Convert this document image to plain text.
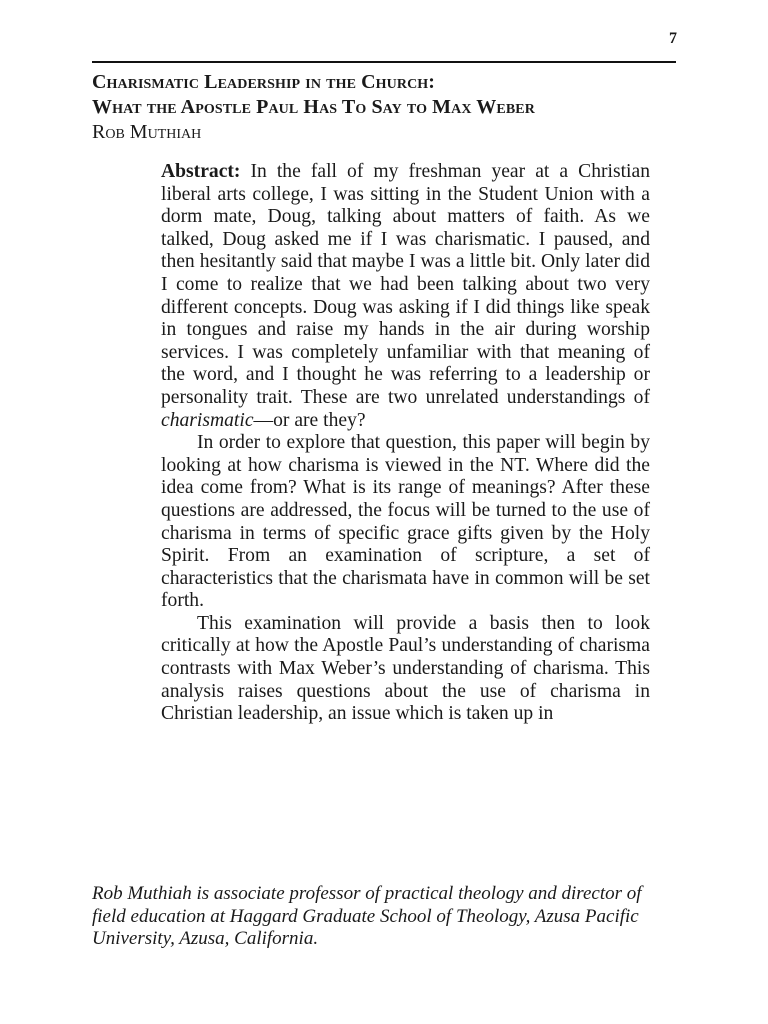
7
Charismatic Leadership in the Church:
What the Apostle Paul Has To Say to Max Weber
Rob Muthiah

Abstract: In the fall of my freshman year at a Christian liberal arts college, I was sitting in the Student Union with a dorm mate, Doug, talking about matters of faith. As we talked, Doug asked me if I was charismatic. I paused, and then hesitantly said that maybe I was a little bit. Only later did I come to realize that we had been talking about two very different concepts. Doug was asking if I did things like speak in tongues and raise my hands in the air during worship services. I was completely unfamiliar with that meaning of the word, and I thought he was referring to a leadership or personality trait. These are two unrelated understandings of charismatic—or are they?

In order to explore that question, this paper will begin by looking at how charisma is viewed in the NT. Where did the idea come from? What is its range of meanings? After these questions are addressed, the focus will be turned to the use of charisma in terms of specific grace gifts given by the Holy Spirit. From an examination of scripture, a set of characteristics that the charismata have in common will be set forth.

This examination will provide a basis then to look critically at how the Apostle Paul’s understanding of charisma contrasts with Max Weber’s understanding of charisma. This analysis raises questions about the use of charisma in Christian leadership, an issue which is taken up in

Rob Muthiah is associate professor of practical theology and director of field education at Haggard Graduate School of Theology, Azusa Pacific University, Azusa, California.
